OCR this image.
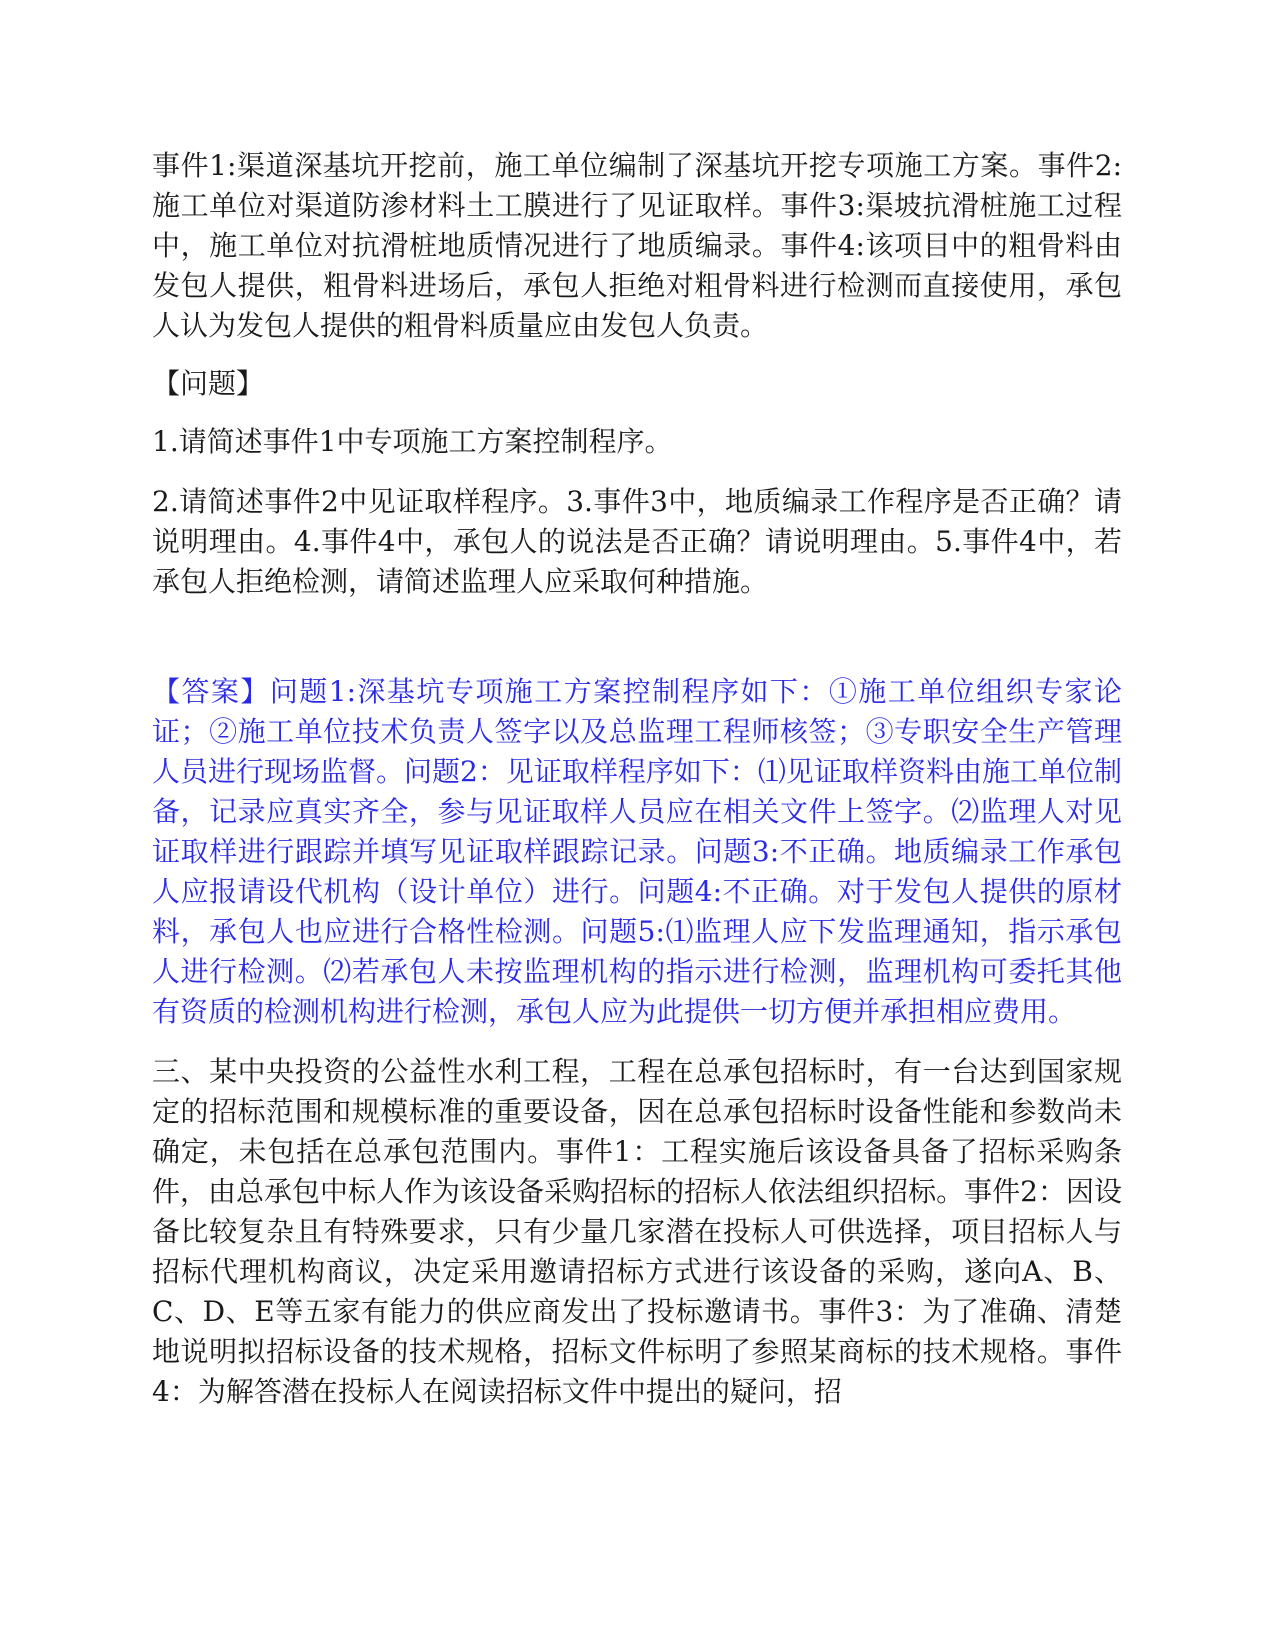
事件1:渠道深基坑开挖前，施工单位编制了深基坑开挖专项施工方案。事件2:施工单位对渠道防渗材料土工膜进行了见证取样。事件3:渠坡抗滑桩施工过程中，施工单位对抗滑桩地质情况进行了地质编录。事件4:该项目中的粗骨料由发包人提供，粗骨料进场后，承包人拒绝对粗骨料进行检测而直接使用，承包人认为发包人提供的粗骨料质量应由发包人负责。

【问题】

1.请简述事件1中专项施工方案控制程序。

2.请简述事件2中见证取样程序。3.事件3中，地质编录工作程序是否正确？请说明理由。4.事件4中，承包人的说法是否正确？请说明理由。5.事件4中，若承包人拒绝检测，请简述监理人应采取何种措施。

【答案】问题1:深基坑专项施工方案控制程序如下：①施工单位组织专家论证；②施工单位技术负责人签字以及总监理工程师核签；③专职安全生产管理人员进行现场监督。问题2：见证取样程序如下：⑴见证取样资料由施工单位制备，记录应真实齐全，参与见证取样人员应在相关文件上签字。⑵监理人对见证取样进行跟踪并填写见证取样跟踪记录。问题3:不正确。地质编录工作承包人应报请设代机构（设计单位）进行。问题4:不正确。对于发包人提供的原材料，承包人也应进行合格性检测。问题5:⑴监理人应下发监理通知，指示承包人进行检测。⑵若承包人未按监理机构的指示进行检测，监理机构可委托其他有资质的检测机构进行检测，承包人应为此提供一切方便并承担相应费用。

三、某中央投资的公益性水利工程，工程在总承包招标时，有一台达到国家规定的招标范围和规模标准的重要设备，因在总承包招标时设备性能和参数尚未确定，未包括在总承包范围内。事件1：工程实施后该设备具备了招标采购条件，由总承包中标人作为该设备采购招标的招标人依法组织招标。事件2：因设备比较复杂且有特殊要求，只有少量几家潜在投标人可供选择，项目招标人与招标代理机构商议，决定采用邀请招标方式进行该设备的采购，遂向A、B、C、D、E等五家有能力的供应商发出了投标邀请书。事件3：为了准确、清楚地说明拟招标设备的技术规格，招标文件标明了参照某商标的技术规格。事件4：为解答潜在投标人在阅读招标文件中提出的疑问，招
